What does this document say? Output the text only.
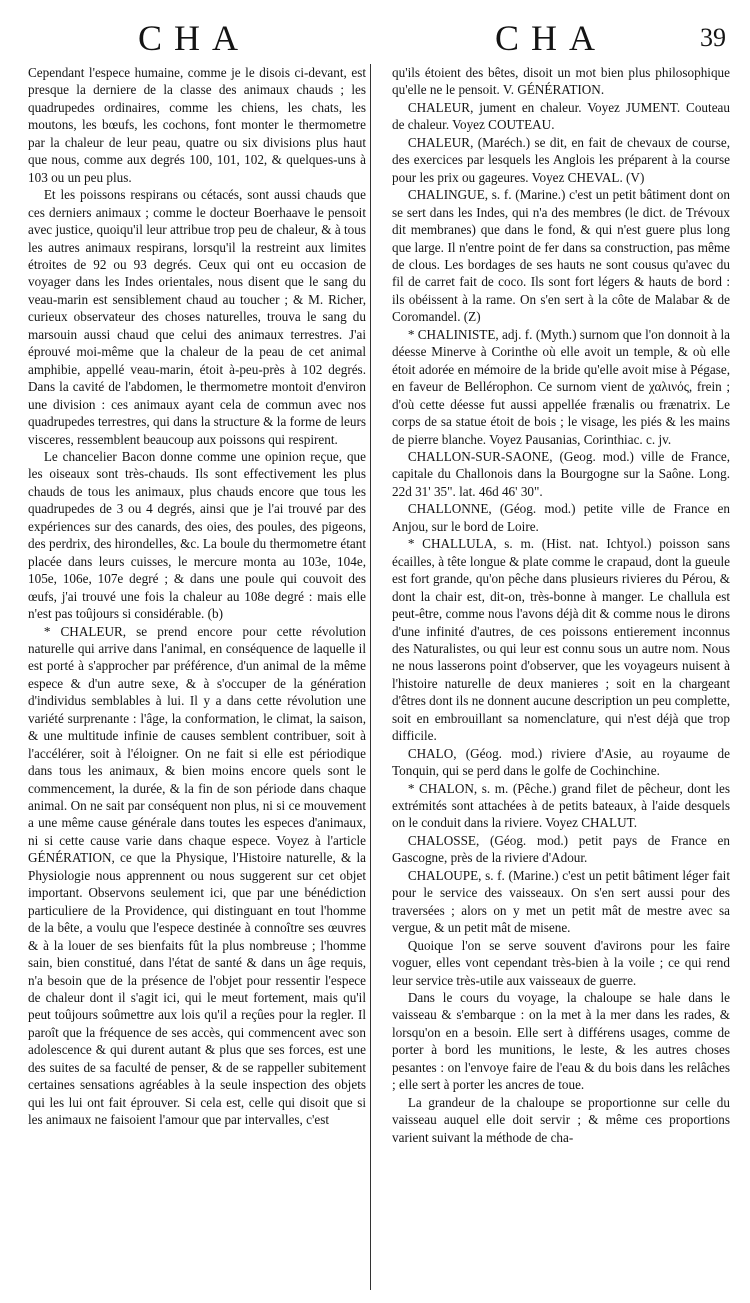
CHA	CHA	39

Cependant l'espece humaine, comme je le disois ci-devant, est presque la derniere de la classe des animaux chauds ; les quadrupedes ordinaires, comme les chiens, les chats, les moutons, les bœufs, les cochons, font monter le thermometre par la chaleur de leur peau, quatre ou six divisions plus haut que nous, comme aux degrés 100, 101, 102, & quelques-uns à 103 ou un peu plus.

Et les poissons respirans ou cétacés, sont aussi chauds que ces derniers animaux ; comme le docteur Boerhaave le pensoit avec justice, quoiqu'il leur attribue trop peu de chaleur, & à tous les autres animaux respirans, lorsqu'il la restreint aux limites étroites de 92 ou 93 degrés. Ceux qui ont eu occasion de voyager dans les Indes orientales, nous disent que le sang du veau-marin est sensiblement chaud au toucher ; & M. Richer, curieux observateur des choses naturelles, trouva le sang du marsouin aussi chaud que celui des animaux terrestres. J'ai éprouvé moi-même que la chaleur de la peau de cet animal amphibie, appellé veau-marin, étoit à-peu-près à 102 degrés. Dans la cavité de l'abdomen, le thermometre montoit d'environ une division : ces animaux ayant cela de commun avec nos quadrupedes terrestres, qui dans la structure & la forme de leurs visceres, ressemblent beaucoup aux poissons qui respirent.

Le chancelier Bacon donne comme une opinion reçue, que les oiseaux sont très-chauds. Ils sont effectivement les plus chauds de tous les animaux, plus chauds encore que tous les quadrupedes de 3 ou 4 degrés, ainsi que je l'ai trouvé par des expériences sur des canards, des oies, des poules, des pigeons, des perdrix, des hirondelles, &c. La boule du thermometre étant placée dans leurs cuisses, le mercure monta au 103e, 104e, 105e, 106e, 107e degré ; & dans une poule qui couvoit des œufs, j'ai trouvé une fois la chaleur au 108e degré : mais elle n'est pas toûjours si considérable. (b)

* CHALEUR, se prend encore pour cette révolution naturelle qui arrive dans l'animal, en conséquence de laquelle il est porté à s'approcher par préférence, d'un animal de la même espece & d'un autre sexe, & à s'occuper de la génération d'individus semblables à lui. Il y a dans cette révolution une variété surprenante : l'âge, la conformation, le climat, la saison, & une multitude infinie de causes semblent contribuer, soit à l'accélérer, soit à l'éloigner. On ne fait si elle est périodique dans tous les animaux, & bien moins encore quels sont le commencement, la durée, & la fin de son période dans chaque animal. On ne sait par conséquent non plus, ni si ce mouvement a une même cause générale dans toutes les especes d'animaux, ni si cette cause varie dans chaque espece. Voyez à l'article GÉNÉRATION, ce que la Physique, l'Histoire naturelle, & la Physiologie nous apprennent ou nous suggerent sur cet objet important. Observons seulement ici, que par une bénédiction particuliere de la Providence, qui distinguant en tout l'homme de la bête, a voulu que l'espece destinée à connoître ses œuvres & à la louer de ses bienfaits fût la plus nombreuse ; l'homme sain, bien constitué, dans l'état de santé & dans un âge requis, n'a besoin que de la présence de l'objet pour ressentir l'espece de chaleur dont il s'agit ici, qui le meut fortement, mais qu'il peut toûjours soûmettre aux lois qu'il a reçûes pour la regler. Il paroît que la fréquence de ses accès, qui commencent avec son adolescence & qui durent autant & plus que ses forces, est une des suites de sa faculté de penser, & de se rappeller subitement certaines sensations agréables à la seule inspection des objets qui les lui ont fait éprouver. Si cela est, celle qui disoit que si les animaux ne faisoient l'amour que par intervalles, c'est

qu'ils étoient des bêtes, disoit un mot bien plus philosophique qu'elle ne le pensoit. V. GÉNÉRATION.

CHALEUR, jument en chaleur. Voyez JUMENT. Couteau de chaleur. Voyez COUTEAU.

CHALEUR, (Maréch.) se dit, en fait de chevaux de course, des exercices par lesquels les Anglois les préparent à la course pour les prix ou gageures. Voyez CHEVAL. (V)

CHALINGUE, s. f. (Marine.) c'est un petit bâtiment dont on se sert dans les Indes, qui n'a des membres (le dict. de Trévoux dit membranes) que dans le fond, & qui n'est guere plus long que large. Il n'entre point de fer dans sa construction, pas même de clous. Les bordages de ses hauts ne sont cousus qu'avec du fil de carret fait de coco. Ils sont fort légers & hauts de bord : ils obéissent à la rame. On s'en sert à la côte de Malabar & de Coromandel. (Z)

* CHALINISTE, adj. f. (Myth.) surnom que l'on donnoit à la déesse Minerve à Corinthe où elle avoit un temple, & où elle étoit adorée en mémoire de la bride qu'elle avoit mise à Pégase, en faveur de Bellérophon. Ce surnom vient de χαλινός, frein ; d'où cette déesse fut aussi appellée frænalis ou frænatrix. Le corps de sa statue étoit de bois ; le visage, les piés & les mains de pierre blanche. Voyez Pausanias, Corinthiac. c. jv.

CHALLON-SUR-SAONE, (Geog. mod.) ville de France, capitale du Challonois dans la Bourgogne sur la Saône. Long. 22d 31' 35". lat. 46d 46' 30".

CHALLONNE, (Géog. mod.) petite ville de France en Anjou, sur le bord de Loire.

* CHALLULA, s. m. (Hist. nat. Ichtyol.) poisson sans écailles, à tête longue & plate comme le crapaud, dont la gueule est fort grande, qu'on pêche dans plusieurs rivieres du Pérou, & dont la chair est, dit-on, très-bonne à manger. Le challula est peut-être, comme nous l'avons déjà dit & comme nous le dirons d'une infinité d'autres, de ces poissons entierement inconnus des Naturalistes, ou qui leur est connu sous un autre nom. Nous ne nous lasserons point d'observer, que les voyageurs nuisent à l'histoire naturelle de deux manieres ; soit en la chargeant d'êtres dont ils ne donnent aucune description un peu complette, soit en embrouillant sa nomenclature, qui n'est déjà que trop difficile.

CHALO, (Géog. mod.) riviere d'Asie, au royaume de Tonquin, qui se perd dans le golfe de Cochinchine.

* CHALON, s. m. (Pêche.) grand filet de pêcheur, dont les extrémités sont attachées à de petits bateaux, à l'aide desquels on le conduit dans la riviere. Voyez CHALUT.

CHALOSSE, (Géog. mod.) petit pays de France en Gascogne, près de la riviere d'Adour.

CHALOUPE, s. f. (Marine.) c'est un petit bâtiment léger fait pour le service des vaisseaux. On s'en sert aussi pour des traversées ; alors on y met un petit mât de mestre avec sa vergue, & un petit mât de misene.

Quoique l'on se serve souvent d'avirons pour les faire voguer, elles vont cependant très-bien à la voile ; ce qui rend leur service très-utile aux vaisseaux de guerre.

Dans le cours du voyage, la chaloupe se hale dans le vaisseau & s'embarque : on la met à la mer dans les rades, & lorsqu'on en a besoin. Elle sert à différens usages, comme de porter à bord les munitions, le leste, & les autres choses pesantes : on l'envoye faire de l'eau & du bois dans les relâches ; elle sert à porter les ancres de toue.

La grandeur de la chaloupe se proportionne sur celle du vaisseau auquel elle doit servir ; & même ces proportions varient suivant la méthode de cha-
